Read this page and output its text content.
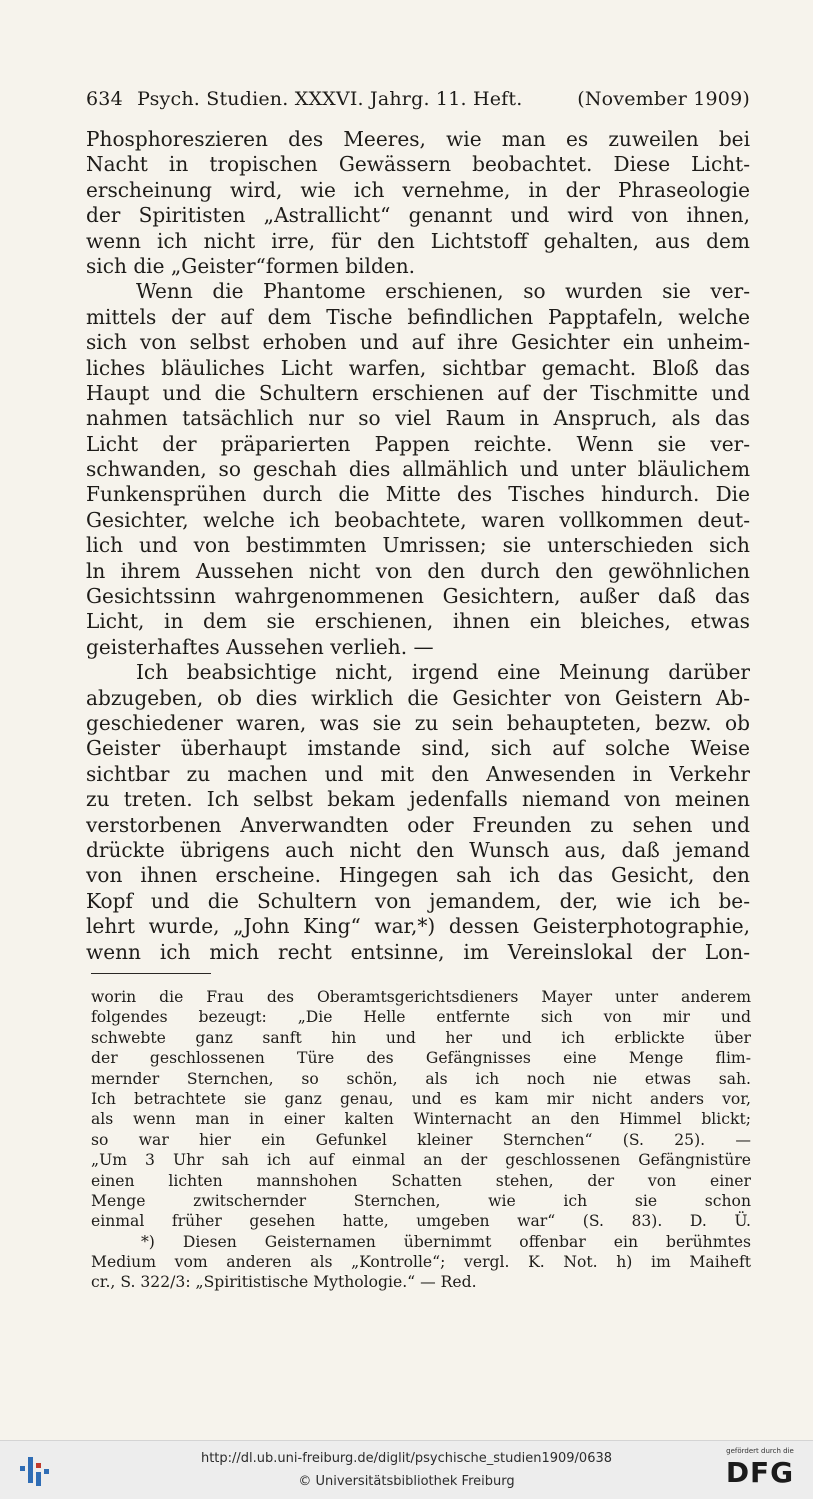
634 Psych. Studien. XXXVI. Jahrg. 11. Heft.	(November 1909)
Phosphoreszieren des Meeres, wie man es zuweilen bei
Nacht in tropischen Gewässern beobachtet. Diese Licht-
erscheinung wird, wie ich vernehme, in der Phraseologie
der Spiritisten „Astrallicht“ genannt und wird von ihnen,
wenn ich nicht irre, für den Lichtstoff gehalten, aus dem
sich die „Geister“formen bilden.
Wenn die Phantome erschienen, so wurden sie ver-
mittels der auf dem Tische befindlichen Papptafeln, welche
sich von selbst erhoben und auf ihre Gesichter ein unheim-
liches bläuliches Licht warfen, sichtbar gemacht. Bloß das
Haupt und die Schultern erschienen auf der Tischmitte und
nahmen tatsächlich nur so viel Raum in Anspruch, als das
Licht der präparierten Pappen reichte. Wenn sie ver-
schwanden, so geschah dies allmählich und unter bläulichem
Funkensprühen durch die Mitte des Tisches hindurch. Die
Gesichter, welche ich beobachtete, waren vollkommen deut-
lich und von bestimmten Umrissen; sie unterschieden sich
ln ihrem Aussehen nicht von den durch den gewöhnlichen
Gesichtssinn wahrgenommenen Gesichtern, außer daß das
Licht, in dem sie erschienen, ihnen ein bleiches, etwas
geisterhaftes Aussehen verlieh. —
Ich beabsichtige nicht, irgend eine Meinung darüber
abzugeben, ob dies wirklich die Gesichter von Geistern Ab-
geschiedener waren, was sie zu sein behaupteten, bezw. ob
Geister überhaupt imstande sind, sich auf solche Weise
sichtbar zu machen und mit den Anwesenden in Verkehr
zu treten. Ich selbst bekam jedenfalls niemand von meinen
verstorbenen Anverwandten oder Freunden zu sehen und
drückte übrigens auch nicht den Wunsch aus, daß jemand
von ihnen erscheine. Hingegen sah ich das Gesicht, den
Kopf und die Schultern von jemandem, der, wie ich be-
lehrt wurde, „John King“ war,*) dessen Geisterphotographie,
wenn ich mich recht entsinne, im Vereinslokal der Lon-
worin die Frau des Oberamtsgerichtsdieners Mayer unter anderem
folgendes bezeugt: „Die Helle entfernte sich von mir und
schwebte ganz sanft hin und her und ich erblickte über
der geschlossenen Türe des Gefängnisses eine Menge flim-
mernder Sternchen, so schön, als ich noch nie etwas sah.
Ich betrachtete sie ganz genau, und es kam mir nicht anders vor,
als wenn man in einer kalten Winternacht an den Himmel blickt;
so war hier ein Gefunkel kleiner Sternchen“ (S. 25). —
„Um 3 Uhr sah ich auf einmal an der geschlossenen Gefängnistüre
einen lichten mannshohen Schatten stehen, der von einer
Menge zwitschernder Sternchen, wie ich sie schon
einmal früher gesehen hatte, umgeben war“ (S. 83). D. Ü.
*) Diesen Geisternamen übernimmt offenbar ein berühmtes
Medium vom anderen als „Kontrolle“; vergl. K. Not. h) im Maiheft
cr., S. 322/3: „Spiritistische Mythologie.“ — Red.
http://dl.ub.uni-freiburg.de/diglit/psychische_studien1909/0638
© Universitätsbibliothek Freiburg
gefördert durch die
DFG
